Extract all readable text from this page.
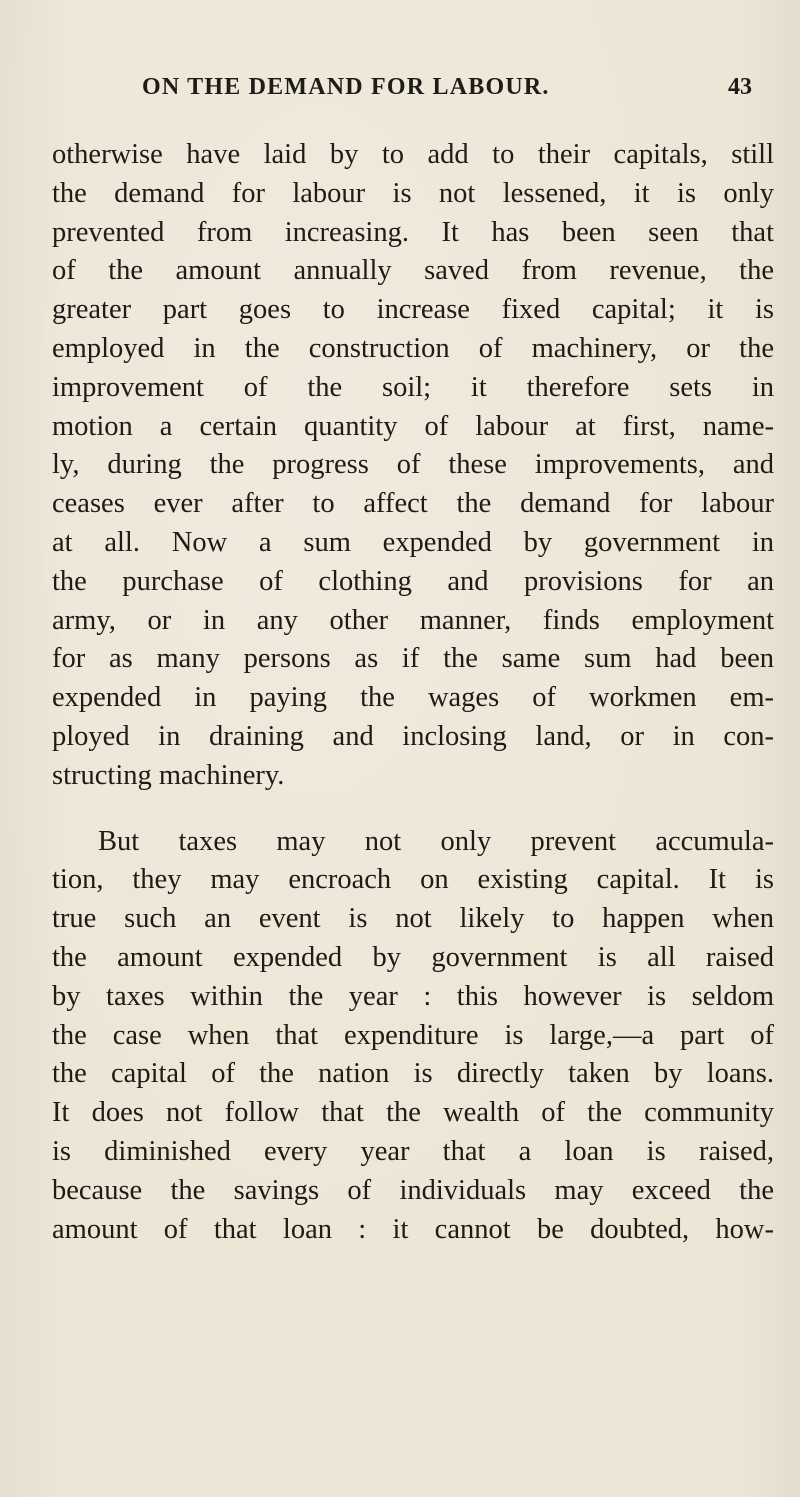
ON THE DEMAND FOR LABOUR.	43
otherwise have laid by to add to their capitals, still
the demand for labour is not lessened, it is only
prevented from increasing. It has been seen that
of the amount annually saved from revenue, the
greater part goes to increase fixed capital; it is
employed in the construction of machinery, or the
improvement of the soil; it therefore sets in
motion a certain quantity of labour at first, name-
ly, during the progress of these improvements, and
ceases ever after to affect the demand for labour
at all. Now a sum expended by government in
the purchase of clothing and provisions for an
army, or in any other manner, finds employment
for as many persons as if the same sum had been
expended in paying the wages of workmen em-
ployed in draining and inclosing land, or in con-
structing machinery.
But taxes may not only prevent accumula-
tion, they may encroach on existing capital. It is
true such an event is not likely to happen when
the amount expended by government is all raised
by taxes within the year : this however is seldom
the case when that expenditure is large,—a part of
the capital of the nation is directly taken by loans.
It does not follow that the wealth of the community
is diminished every year that a loan is raised,
because the savings of individuals may exceed the
amount of that loan : it cannot be doubted, how-
